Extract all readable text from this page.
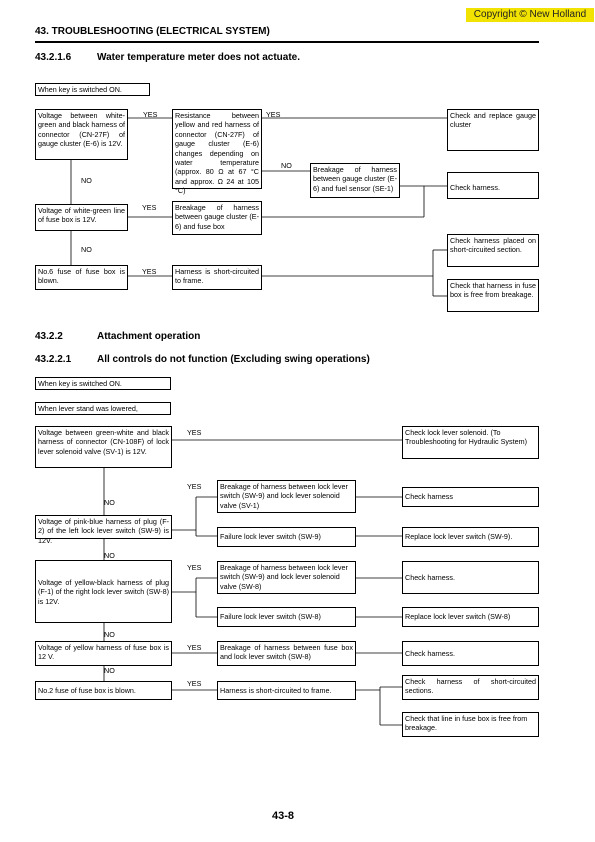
Copyright © New Holland
43. TROUBLESHOOTING (ELECTRICAL SYSTEM)
43.2.1.6	Water temperature meter does not actuate.
When key is switched ON.
Voltage between white-green and black harness of connector (CN-27F) of gauge cluster (E-6) is 12V.
YES
NO
Resistance between yellow and red harness of connector (CN-27F) of gauge cluster (E-6) changes depending on water temperature (approx. 80 Ω at 67 °C and approx. Ω 24 at 105 °C)
YES
NO
Check and replace gauge cluster
Breakage of harness between gauge cluster (E-6) and fuel sensor (SE-1)	Check harness.
Voltage of white-green line of fuse box is 12V.
YES
NO
Breakage of harness between gauge cluster (E-6) and fuse box
No.6 fuse of fuse box is blown.
YES	Harness is short-circuited to frame.
Check harness placed on short-circuited section.
Check that harness in fuse box is free from breakage.
43.2.2	Attachment operation
43.2.2.1	All controls do not function (Excluding swing operations)
When key is switched ON.
When lever stand was lowered,
Voltage between green-white and black harness of connector (CN-108F) of lock lever solenoid valve (SV-1) is 12V.
YES	Check lock lever solenoid. (To Troubleshooting for Hydraulic System)
NO
Voltage of pink-blue harness of plug (F-2) of the left lock lever switch (SW-9) is 12V.
YES	Breakage of harness between lock lever switch (SW-9) and lock lever solenoid valve (SV-1)
Check harness
Failure lock lever switch (SW-9)	Replace lock lever switch (SW-9).
NO
Voltage of yellow-black harness of plug (F-1) of the right lock lever switch (SW-8) is 12V.
YES	Breakage of harness between lock lever switch (SW-9) and lock lever solenoid valve (SW-8)
Check harness.
Failure lock lever switch (SW-8)	Replace lock lever switch (SW-8)
NO
Voltage of yellow harness of fuse box is 12 V.
YES	Breakage of harness between fuse box and lock lever switch (SW-8)	Check harness.
NO
No.2 fuse of fuse box is blown.
YES
Harness is short-circuited to frame.
Check harness of short-circuited sections.
Check that line in fuse box is free from breakage.
43-8
